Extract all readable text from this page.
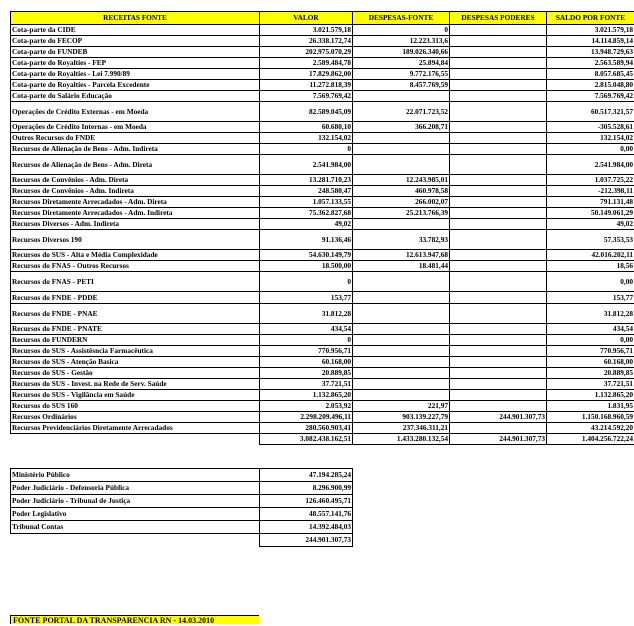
RECEITAS FONTE	VALOR	DESPESAS-FONTE	DESPESAS PODERES	SALDO POR FONTE
Cota-parte da CIDE	3.021.579,18	0		3.021.579,18
Cota-parte do FECOP	26.338.172,74	12.223.313,6		14.114.859,14
Cota-parte do FUNDEB	202.975.070,29	189.026.340,66		13.948.729,63
Cota-parte do Royalties - FEP	2.589.484,78	25.894,84		2.563.589,94
Cota-parte do Royalties - Lei 7.990/89	17.829.862,00	9.772.176,55		8.057.685,45
Cota-parte do Royalties - Parcela Excedente	11.272.818,39	8.457.769,59		2.815.048,80
Cota-parte do Salário Educação	7.569.769,42			7.569.769,42
Operações de Crédito Externas - em Moeda	82.589.045,09	22.071.723,52		60.517.321,57
Operações de Crédito Internas - em Moeda	60.680,10	366.208,71		-305.528,61
Outros Recursos do FNDE	132.154,02			132.154,02
Recursos de Alienação de Bens - Adm. Indireta	0			0,00
Recursos de Alienação de Bens - Adm. Direta	2.541.984,00			2.541.984,00
Recursos de Convênios - Adm. Direta	13.281.710,23	12.243.985,01		1.037.725,22
Recursos de Convênios - Adm. Indireta	248.580,47	460.978,58		-212.398,11
Recursos Diretamente Arrecadados - Adm. Direta	1.057.133,55	266.002,07		791.131,48
Recursos Diretamente Arrecadados - Adm. Indireta	75.362.827,68	25.213.766,39		50.149.061,29
Recursos Diversos - Adm. Indireta	49,02			49,02
Recursos Diversos 190	91.136,46	33.782,93		57.353,53
Recursos do SUS - Alta e Média Complexidade	54.630.149,79	12.613.947,68		42.016.202,11
Recursos do FNAS - Outros Recursos	18.500,00	18.481,44		18,56
Recursos do FNAS - PETI	0			0,00
Recursos do FNDE - PDDE	153,77			153,77
Recursos do FNDE - PNAE	31.812,28			31.812,28
Recursos do FNDE - PNATE	434,54			434,54
Recursos do FUNDERN	0			0,00
Recursos do SUS - Assistêsncia Farmacêutica	770.956,71			770.956,71
Recursos do SUS - Atenção Basica	60.168,00			60.168,00
Recursos do SUS - Gestão	20.889,85			20.889,85
Recursos do SUS - Invest. na Rede de Serv. Saúde	37.721,51			37.721,51
Recursos do SUS - Vigilância em Saúde	1.132.865,20			1.132.865,20
Recursos do SUS 160	2.053,92	221,97		1.831,95
Recursos Ordinários	2.298.209.496,11	903.139.227,79	244.901.307,73	1.150.168.960,59
Recursos Previdenciários Diretamente Arrecadados	280.560.903,41	237.346.311,21		43.214.592,20
	3.082.438.162,51	1.433.280.132,54	244.901.307,73	1.404.256.722,24

Ministério Público	47.194.285,24			
Poder Judiciário - Defensoria Pública	8.296.900,99			
Poder Judiciário - Tribunal de Justiça	126.460.495,71			
Poder Legislativo	48.557.141,76			
Tribunal Contas	14.392.484,03			
	244.901.307,73			
FONTE PORTAL DA TRANSPARENCIA RN - 14.03.2010
